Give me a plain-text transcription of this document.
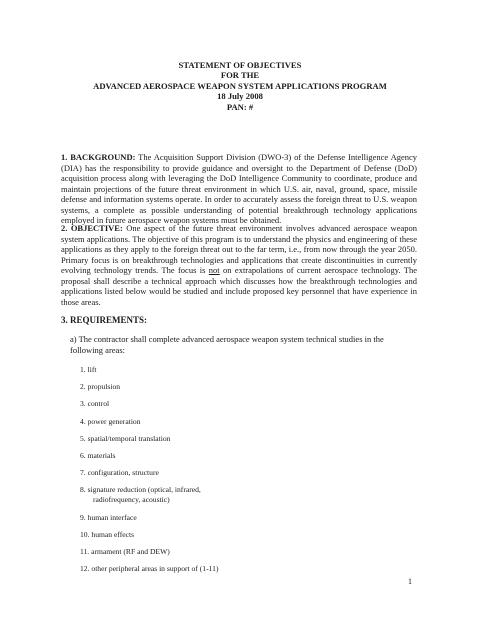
STATEMENT OF OBJECTIVES
FOR THE
ADVANCED AEROSPACE WEAPON SYSTEM APPLICATIONS PROGRAM
18 July 2008
PAN: #
1. BACKGROUND: The Acquisition Support Division (DWO-3) of the Defense Intelligence Agency (DIA) has the responsibility to provide guidance and oversight to the Department of Defense (DoD) acquisition process along with leveraging the DoD Intelligence Community to coordinate, produce and maintain projections of the future threat environment in which U.S. air, naval, ground, space, missile defense and information systems operate. In order to accurately assess the foreign threat to U.S. weapon systems, a complete as possible understanding of potential breakthrough technology applications employed in future aerospace weapon systems must be obtained.
2. OBJECTIVE: One aspect of the future threat environment involves advanced aerospace weapon system applications. The objective of this program is to understand the physics and engineering of these applications as they apply to the foreign threat out to the far term, i.e., from now through the year 2050. Primary focus is on breakthrough technologies and applications that create discontinuities in currently evolving technology trends. The focus is not on extrapolations of current aerospace technology. The proposal shall describe a technical approach which discusses how the breakthrough technologies and applications listed below would be studied and include proposed key personnel that have experience in those areas.
3. REQUIREMENTS:
a) The contractor shall complete advanced aerospace weapon system technical studies in the following areas:
1. lift
2. propulsion
3. control
4. power generation
5. spatial/temporal translation
6. materials
7. configuration, structure
8. signature reduction (optical, infrared,
radiofrequency, acoustic)
9. human interface
10. human effects
11. armament (RF and DEW)
12. other peripheral areas in support of (1-11)
1
